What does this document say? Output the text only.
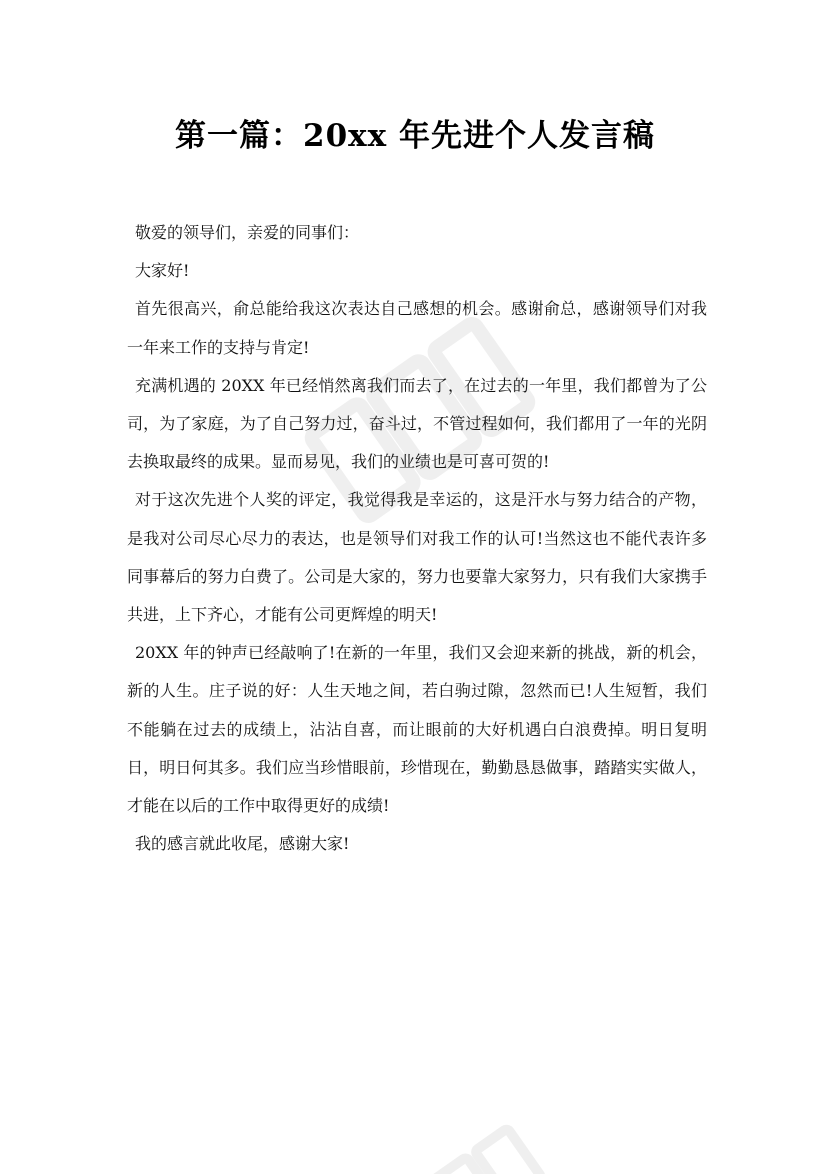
第一篇：20xx 年先进个人发言稿

敬爱的领导们，亲爱的同事们：

大家好!

首先很高兴，俞总能给我这次表达自己感想的机会。感谢俞总，感谢领导们对我一年来工作的支持与肯定!

充满机遇的 20XX 年已经悄然离我们而去了，在过去的一年里，我们都曾为了公司，为了家庭，为了自己努力过，奋斗过，不管过程如何，我们都用了一年的光阴去换取最终的成果。显而易见，我们的业绩也是可喜可贺的!

对于这次先进个人奖的评定，我觉得我是幸运的，这是汗水与努力结合的产物，是我对公司尽心尽力的表达，也是领导们对我工作的认可!当然这也不能代表许多同事幕后的努力白费了。公司是大家的，努力也要靠大家努力，只有我们大家携手共进，上下齐心，才能有公司更辉煌的明天!

20XX 年的钟声已经敲响了!在新的一年里，我们又会迎来新的挑战，新的机会，新的人生。庄子说的好：人生天地之间，若白驹过隙，忽然而已!人生短暂，我们不能躺在过去的成绩上，沾沾自喜，而让眼前的大好机遇白白浪费掉。明日复明日，明日何其多。我们应当珍惜眼前，珍惜现在，勤勤恳恳做事，踏踏实实做人，才能在以后的工作中取得更好的成绩!

我的感言就此收尾，感谢大家!
